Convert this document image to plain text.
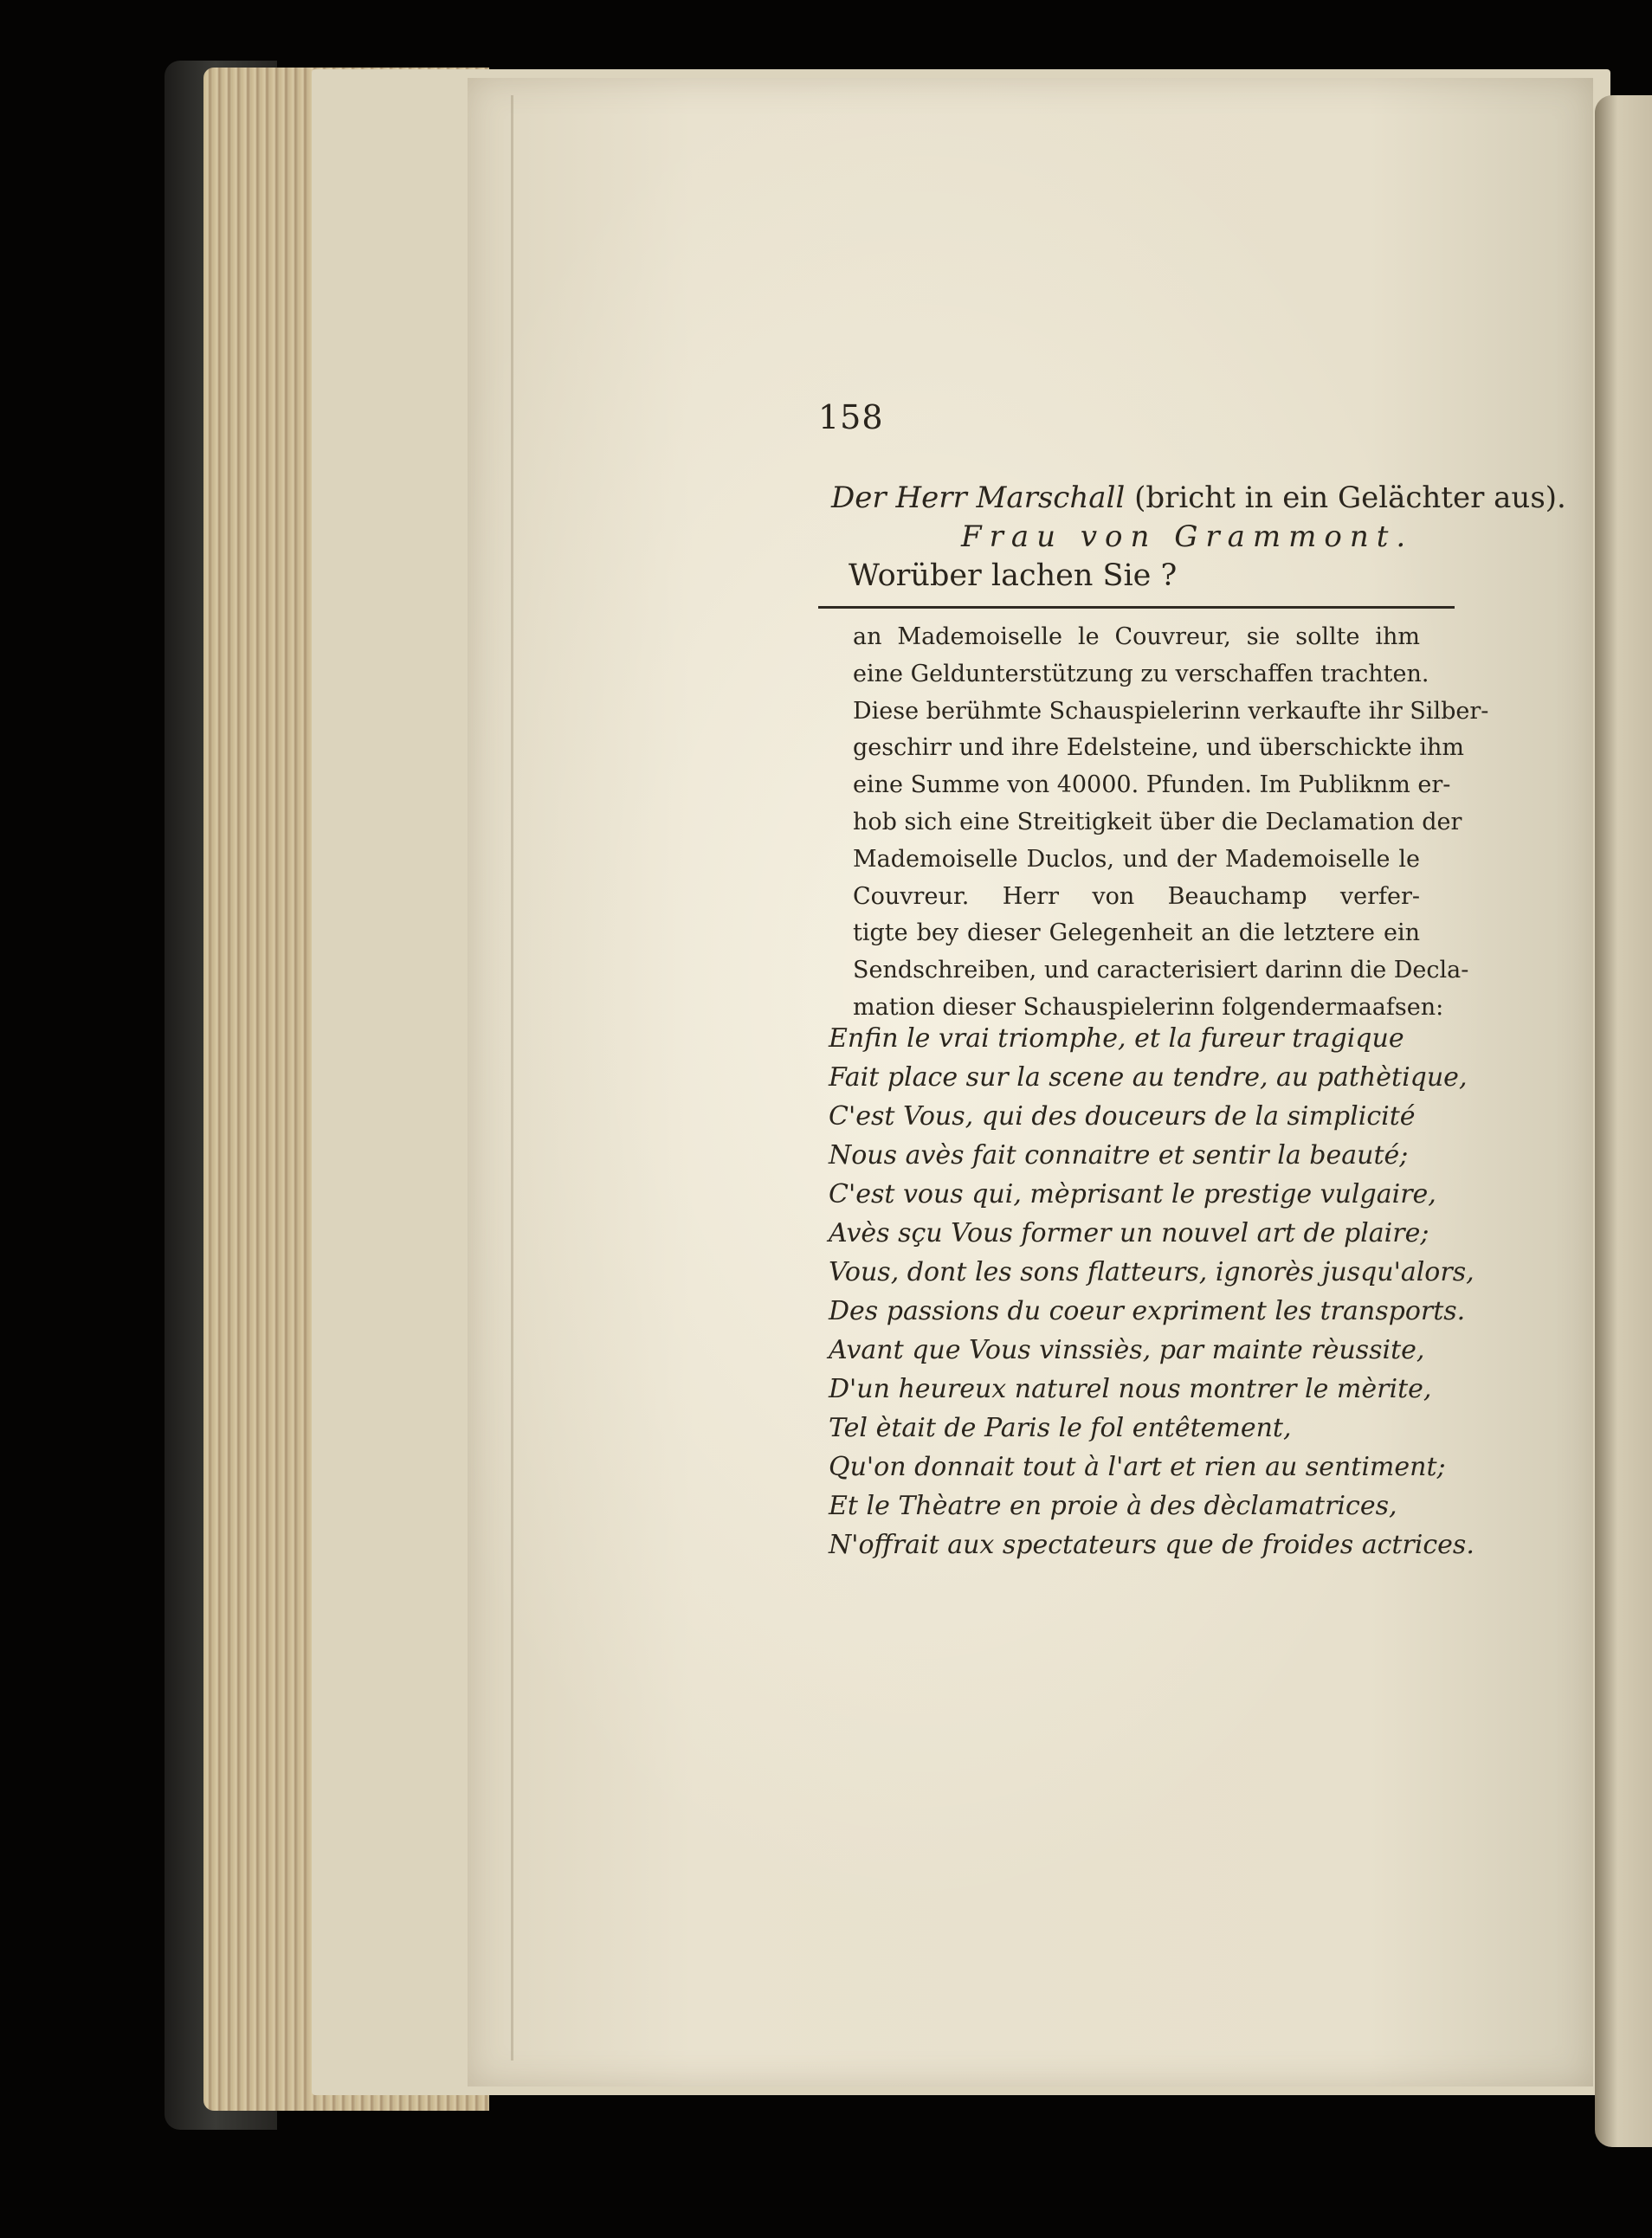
158
Der Herr Marschall (bricht in ein Gelächter aus).
Frau von Grammont.
Worüber lachen Sie ?

an Mademoiselle le Couvreur, sie sollte ihm

eine Geldunterstützung zu verschaffen trachten.

Diese berühmte Schauspielerinn verkaufte ihr Silber-

geschirr und ihre Edelsteine, und überschickte ihm

eine Summe von 40000. Pfunden. Im Publiknm er-

hob sich eine Streitigkeit über die Declamation der

Mademoiselle Duclos, und der Mademoiselle le

Couvreur. Herr von Beauchamp verfer-

tigte bey dieser Gelegenheit an die letztere ein

Sendschreiben, und caracterisiert darinn die Decla-

mation dieser Schauspielerinn folgendermaafsen:

Enfin le vrai triomphe, et la fureur tragique

Fait place sur la scene au tendre, au pathètique,

C'est Vous, qui des douceurs de la simplicité

Nous avès fait connaitre et sentir la beauté;

C'est vous qui, mèprisant le prestige vulgaire,

Avès sçu Vous former un nouvel art de plaire;

Vous, dont les sons flatteurs, ignorès jusqu'alors,

Des passions du coeur expriment les transports.

Avant que Vous vinssiès, par mainte rèussite,

D'un heureux naturel nous montrer le mèrite,

Tel ètait de Paris le fol entêtement,

Qu'on donnait tout à l'art et rien au sentiment;

Et le Thèatre en proie à des dèclamatrices,

N'offrait aux spectateurs que de froides actrices.
